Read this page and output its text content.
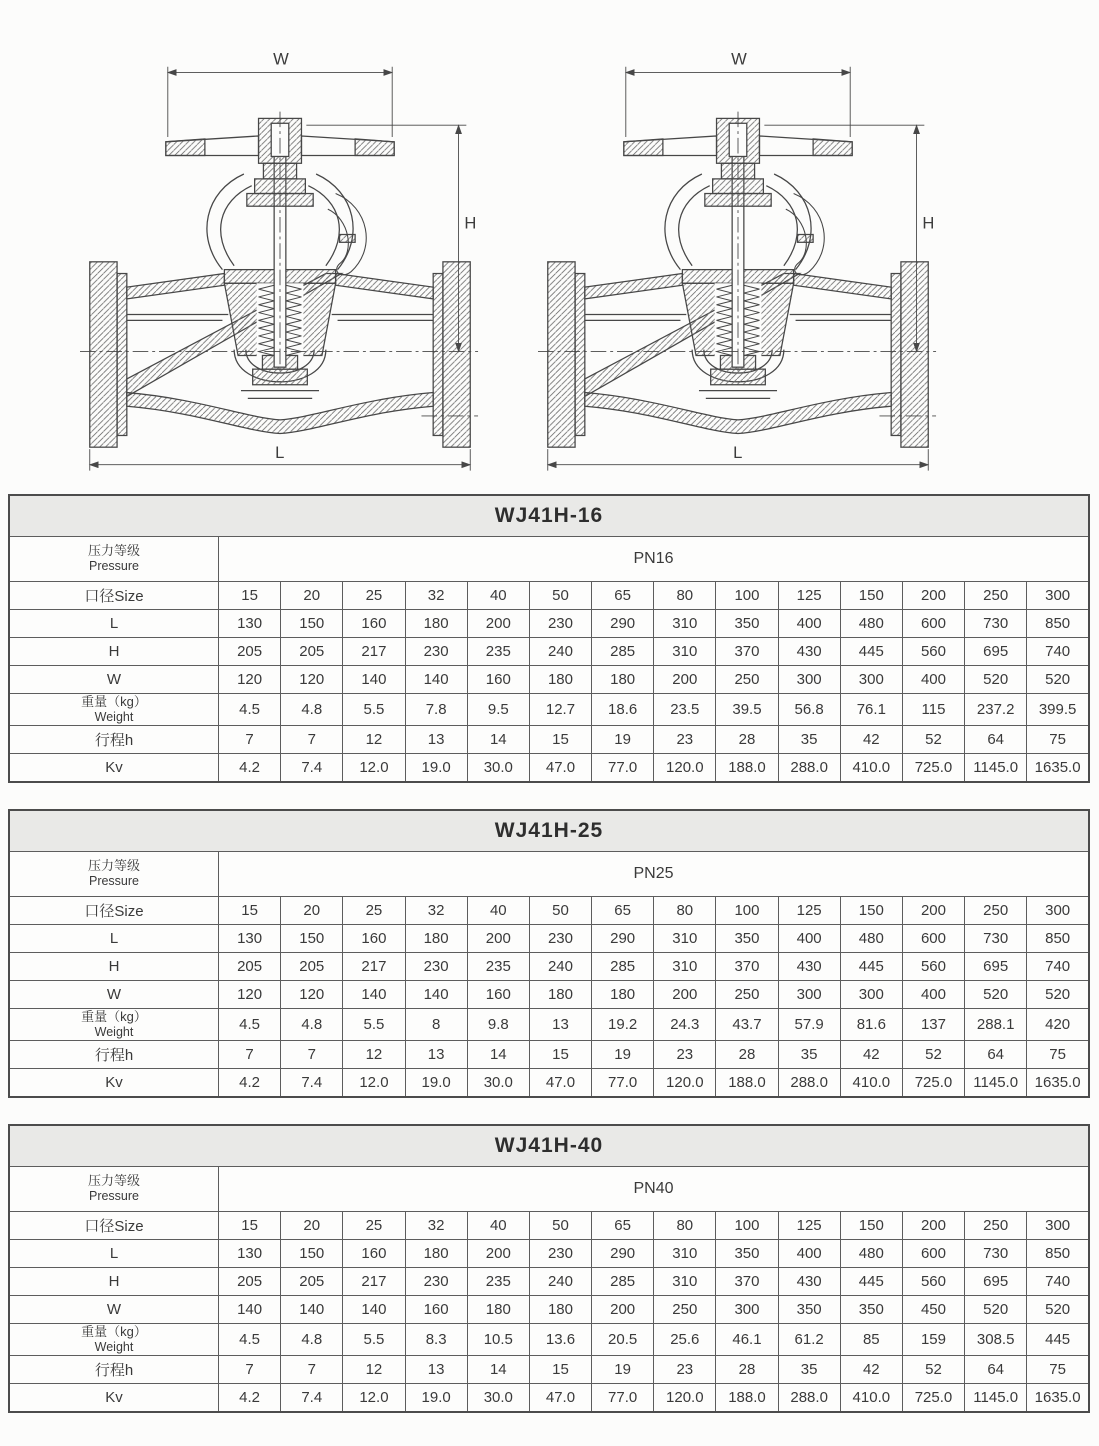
W
H
L
W
H
L
WJ41H-16														

压力等级
Pressure	PN16													
口径Size	15	20	25	32	40	50	65	80	100	125	150	200	250	300
L	130	150	160	180	200	230	290	310	350	400	480	600	730	850
H	205	205	217	230	235	240	285	310	370	430	445	560	695	740
W	120	120	140	140	160	180	180	200	250	300	300	400	520	520

重量（kg）
Weight	4.5	4.8	5.5	7.8	9.5	12.7	18.6	23.5	39.5	56.8	76.1	115	237.2	399.5
行程h	7	7	12	13	14	15	19	23	28	35	42	52	64	75
Kv	4.2	7.4	12.0	19.0	30.0	47.0	77.0	120.0	188.0	288.0	410.0	725.0	1145.0	1635.0
WJ41H-25														

压力等级
Pressure	PN25													
口径Size	15	20	25	32	40	50	65	80	100	125	150	200	250	300
L	130	150	160	180	200	230	290	310	350	400	480	600	730	850
H	205	205	217	230	235	240	285	310	370	430	445	560	695	740
W	120	120	140	140	160	180	180	200	250	300	300	400	520	520

重量（kg）
Weight	4.5	4.8	5.5	8	9.8	13	19.2	24.3	43.7	57.9	81.6	137	288.1	420
行程h	7	7	12	13	14	15	19	23	28	35	42	52	64	75
Kv	4.2	7.4	12.0	19.0	30.0	47.0	77.0	120.0	188.0	288.0	410.0	725.0	1145.0	1635.0
WJ41H-40														

压力等级
Pressure	PN40													
口径Size	15	20	25	32	40	50	65	80	100	125	150	200	250	300
L	130	150	160	180	200	230	290	310	350	400	480	600	730	850
H	205	205	217	230	235	240	285	310	370	430	445	560	695	740
W	140	140	140	160	180	180	200	250	300	350	350	450	520	520

重量（kg）
Weight	4.5	4.8	5.5	8.3	10.5	13.6	20.5	25.6	46.1	61.2	85	159	308.5	445
行程h	7	7	12	13	14	15	19	23	28	35	42	52	64	75
Kv	4.2	7.4	12.0	19.0	30.0	47.0	77.0	120.0	188.0	288.0	410.0	725.0	1145.0	1635.0
